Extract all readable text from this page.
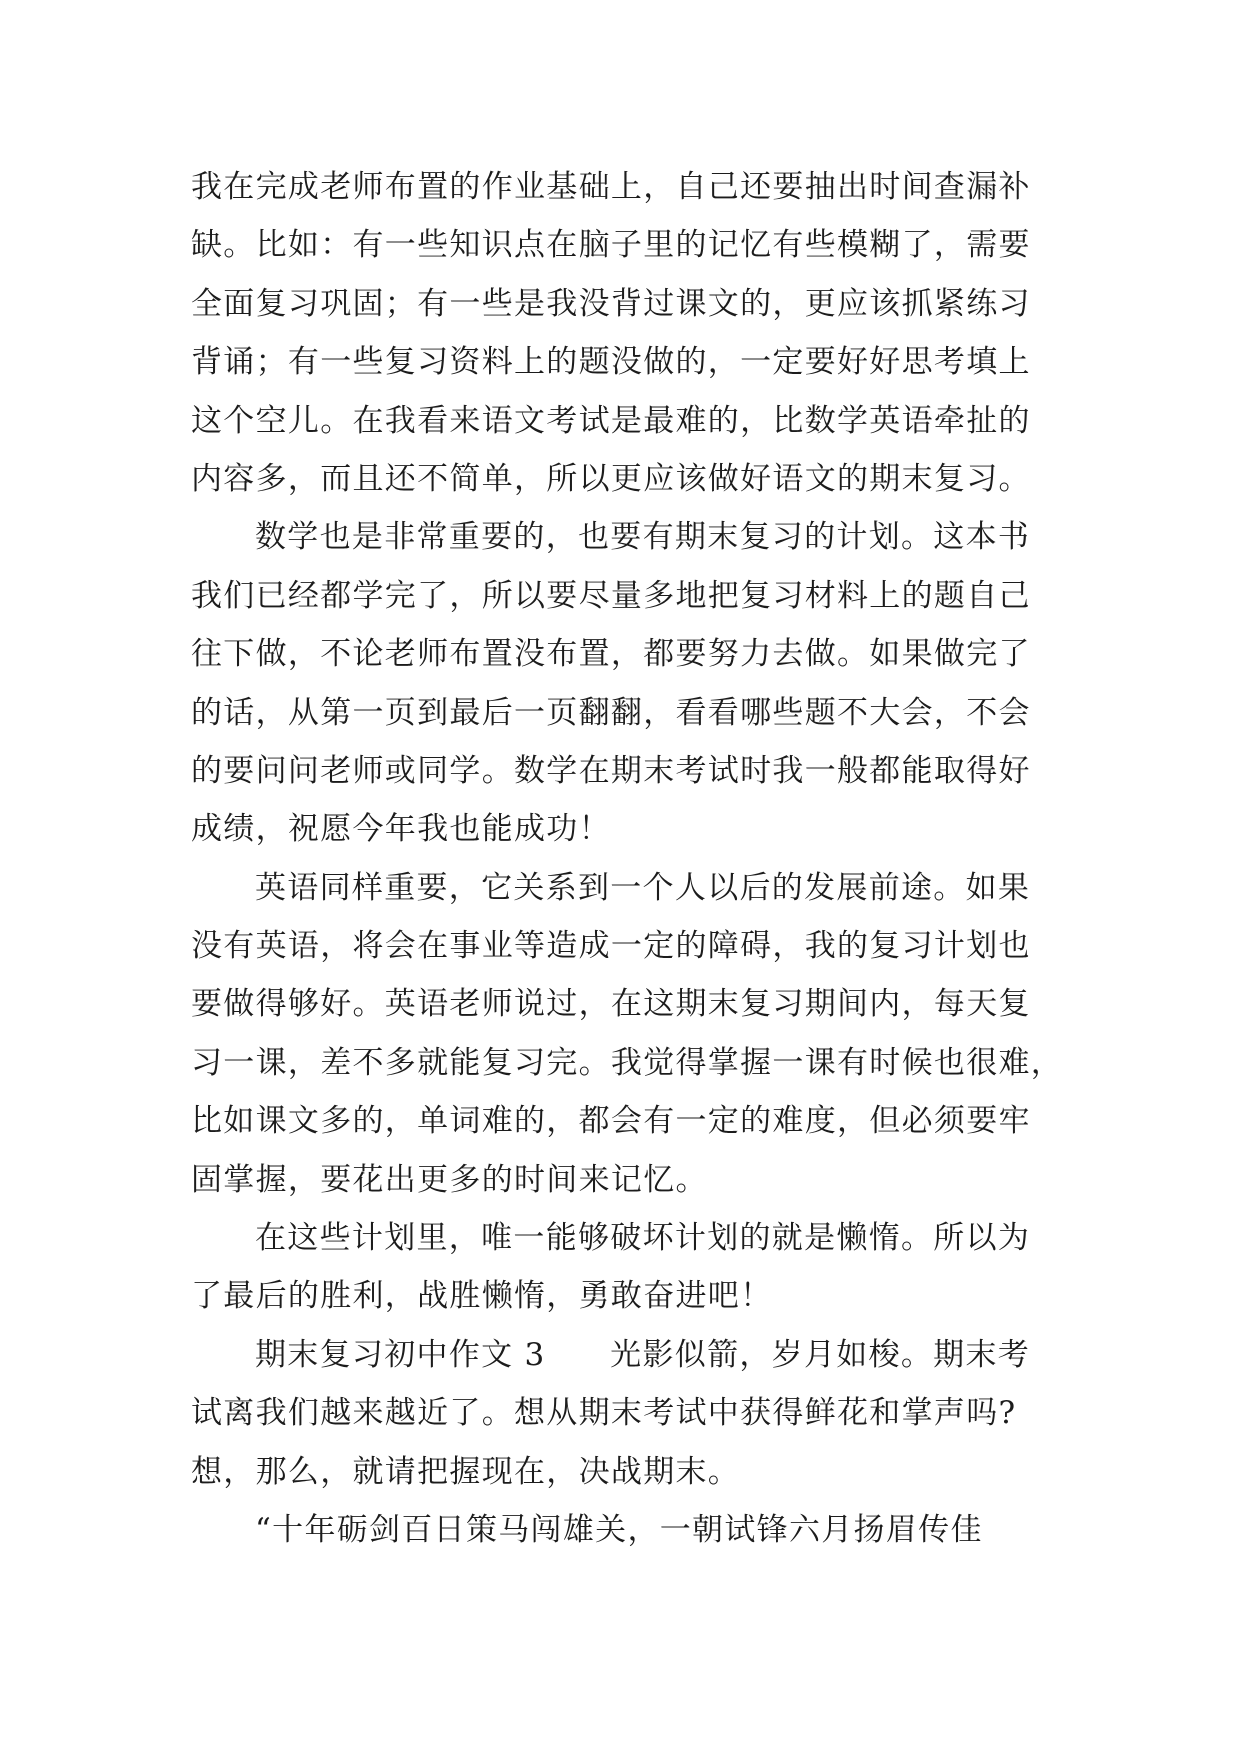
我在完成老师布置的作业基础上，自己还要抽出时间查漏补
缺。比如：有一些知识点在脑子里的记忆有些模糊了，需要
全面复习巩固；有一些是我没背过课文的，更应该抓紧练习
背诵；有一些复习资料上的题没做的，一定要好好思考填上
这个空儿。在我看来语文考试是最难的，比数学英语牵扯的
内容多，而且还不简单，所以更应该做好语文的期末复习。
数学也是非常重要的，也要有期末复习的计划。这本书
我们已经都学完了，所以要尽量多地把复习材料上的题自己
往下做，不论老师布置没布置，都要努力去做。如果做完了
的话，从第一页到最后一页翻翻，看看哪些题不大会，不会
的要问问老师或同学。数学在期末考试时我一般都能取得好
成绩，祝愿今年我也能成功！
英语同样重要，它关系到一个人以后的发展前途。如果
没有英语，将会在事业等造成一定的障碍，我的复习计划也
要做得够好。英语老师说过，在这期末复习期间内，每天复
习一课，差不多就能复习完。我觉得掌握一课有时候也很难，
比如课文多的，单词难的，都会有一定的难度，但必须要牢
固掌握，要花出更多的时间来记忆。
在这些计划里，唯一能够破坏计划的就是懒惰。所以为
了最后的胜利，战胜懒惰，勇敢奋进吧！
期末复习初中作文 3　　光影似箭，岁月如梭。期末考
试离我们越来越近了。想从期末考试中获得鲜花和掌声吗?
想，那么，就请把握现在，决战期末。
“十年砺剑百日策马闯雄关，一朝试锋六月扬眉传佳
